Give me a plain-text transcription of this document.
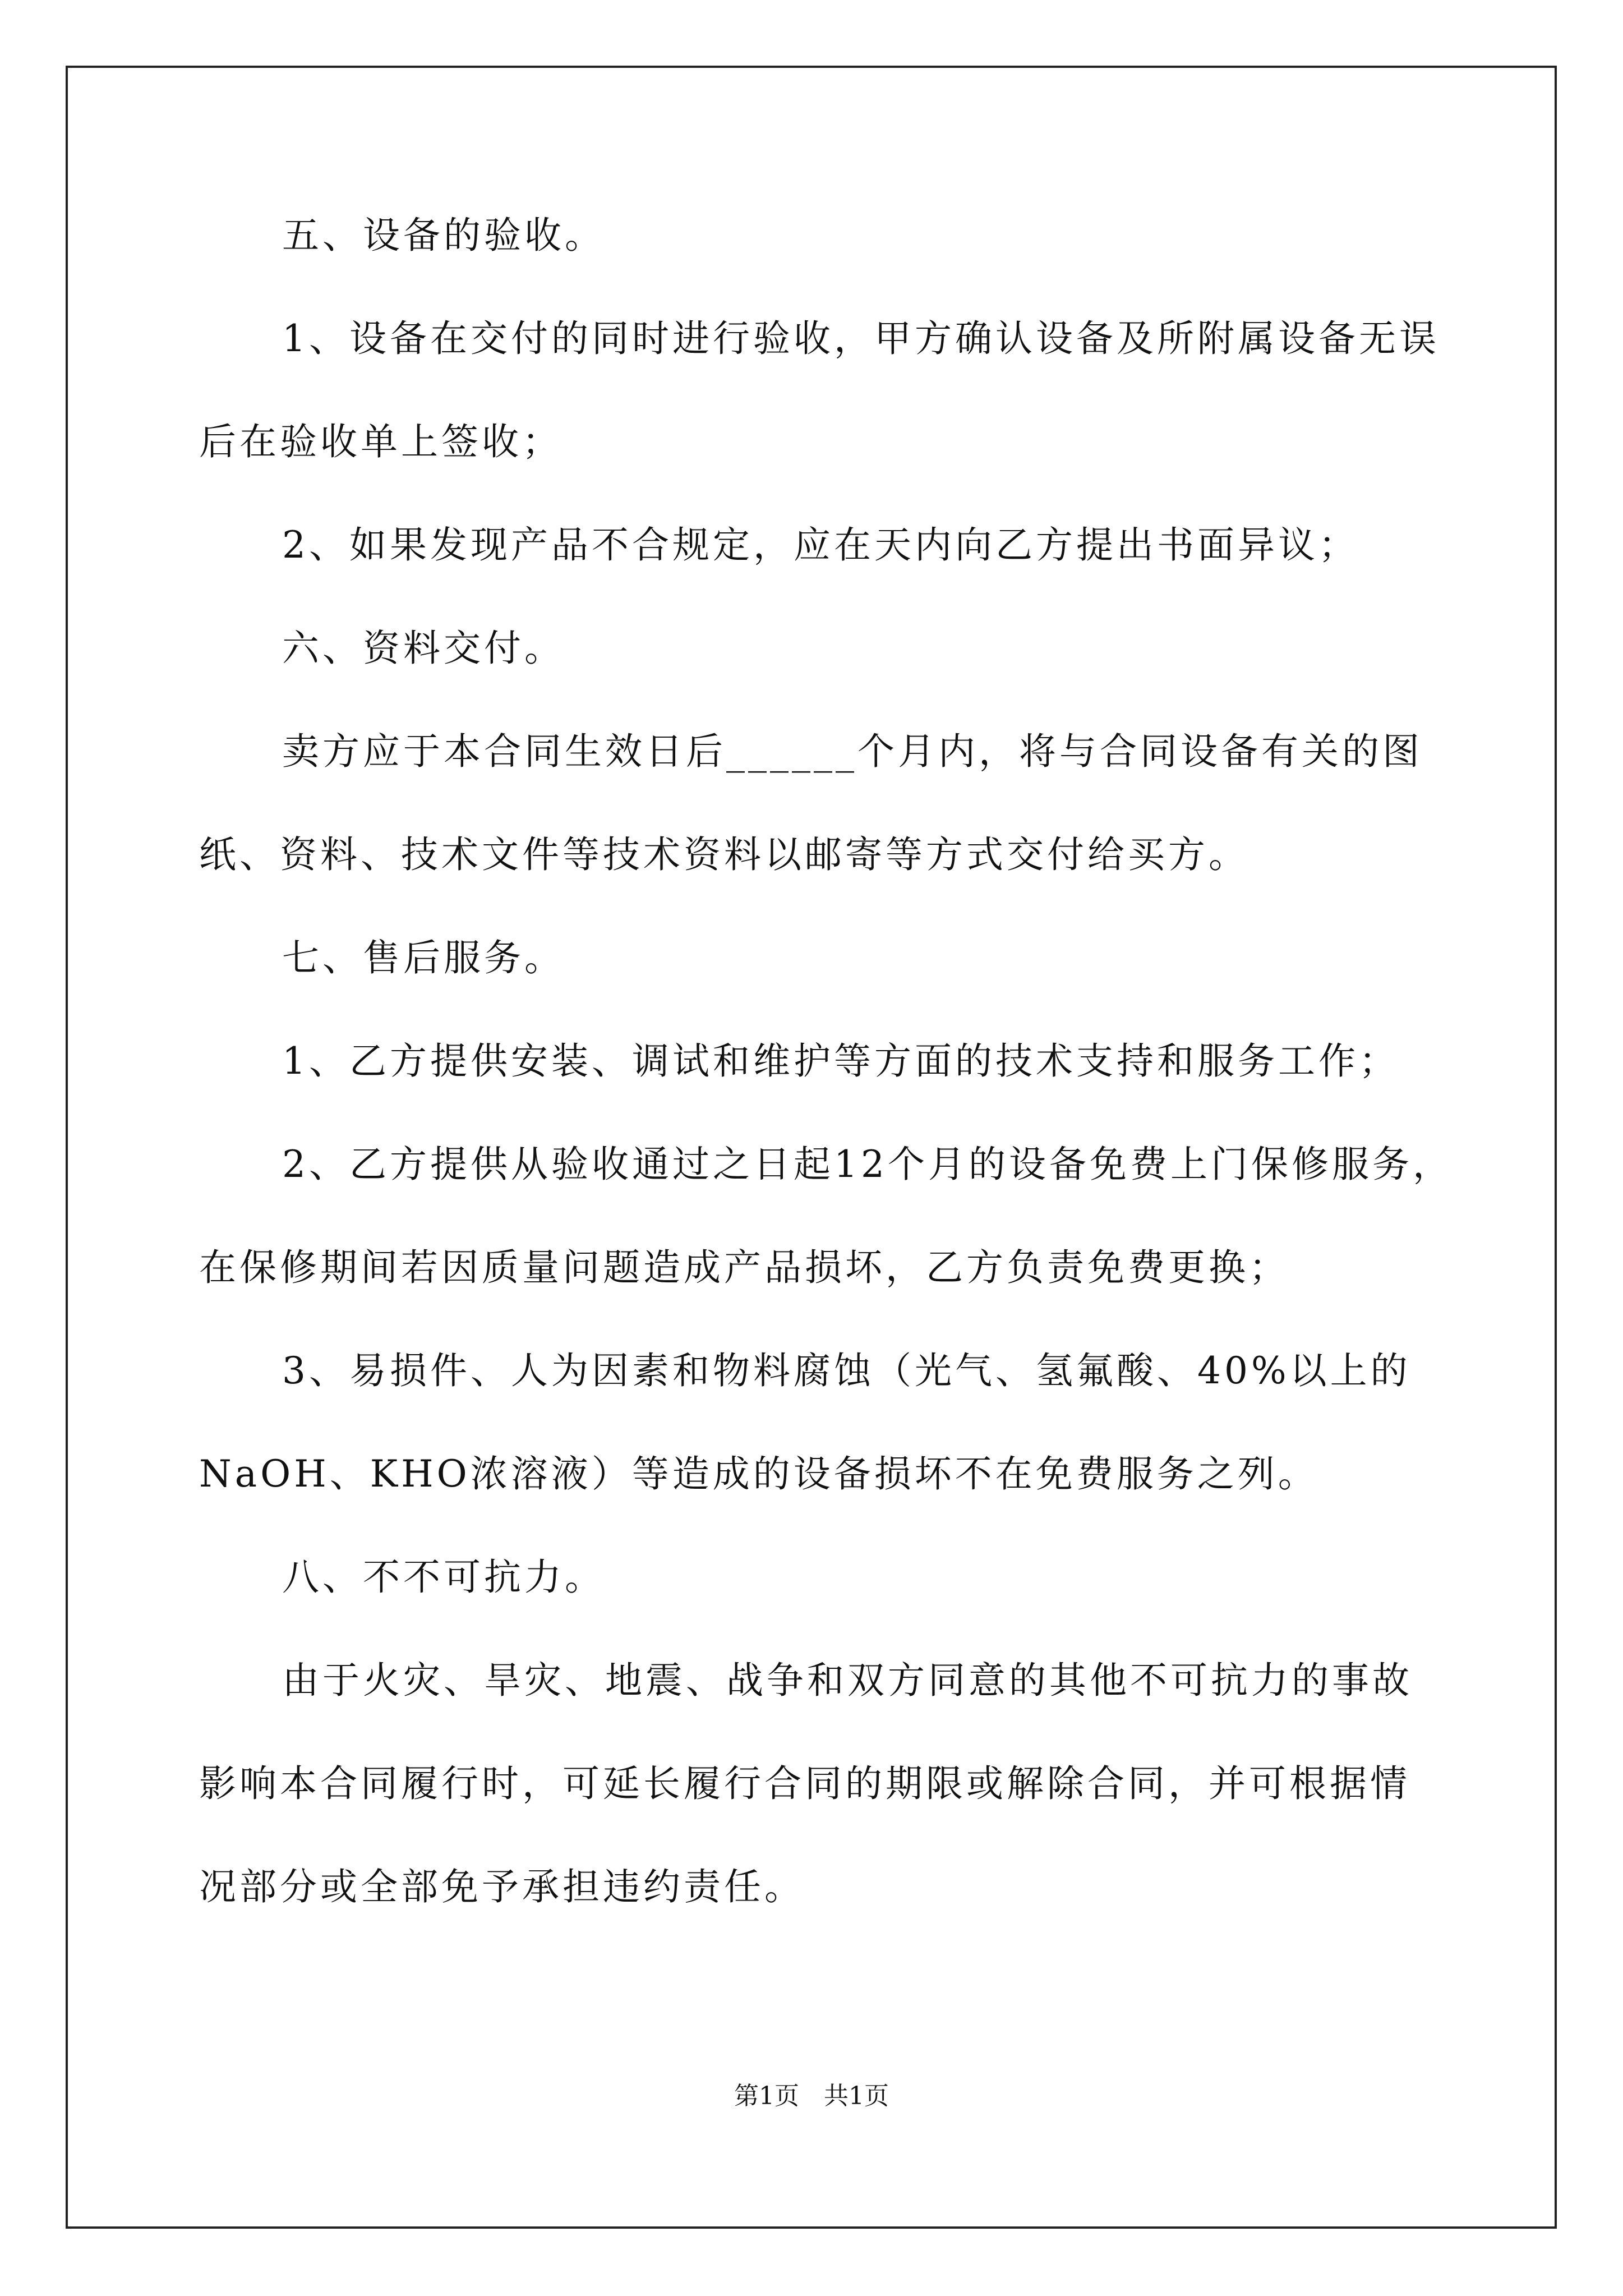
五、设备的验收。
1、设备在交付的同时进行验收，甲方确认设备及所附属设备无误
后在验收单上签收；
2、如果发现产品不合规定，应在天内向乙方提出书面异议；
六、资料交付。
卖方应于本合同生效日后______个月内，将与合同设备有关的图
纸、资料、技术文件等技术资料以邮寄等方式交付给买方。
七、售后服务。
1、乙方提供安装、调试和维护等方面的技术支持和服务工作；
2、乙方提供从验收通过之日起12个月的设备免费上门保修服务，
在保修期间若因质量问题造成产品损坏，乙方负责免费更换；
3、易损件、人为因素和物料腐蚀（光气、氢氟酸、40%以上的
NaOH、KHO浓溶液）等造成的设备损坏不在免费服务之列。
八、不不可抗力。
由于火灾、旱灾、地震、战争和双方同意的其他不可抗力的事故
影响本合同履行时，可延长履行合同的期限或解除合同，并可根据情
况部分或全部免予承担违约责任。
第1页　共1页
